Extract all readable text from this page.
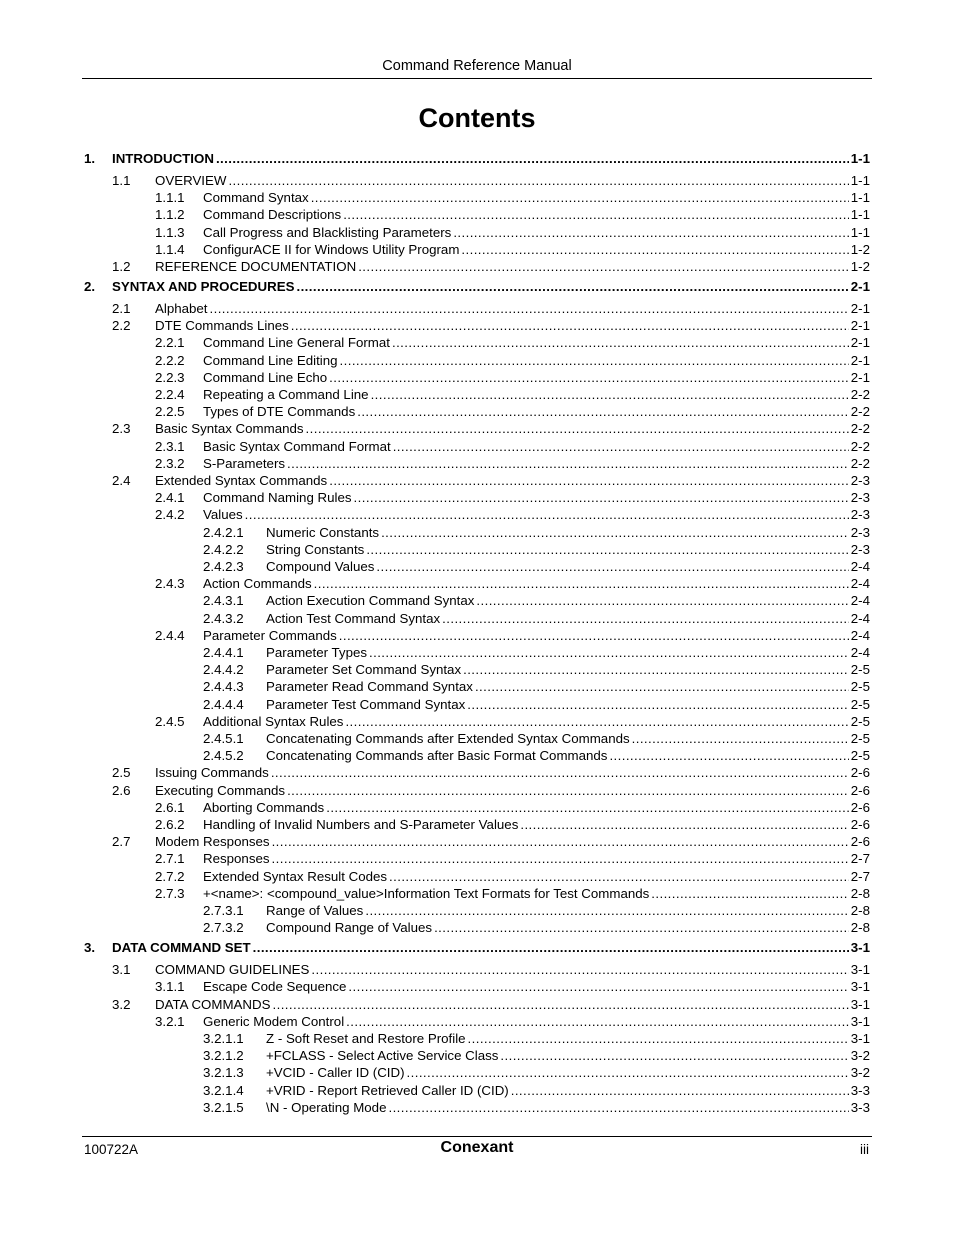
Command Reference Manual
Contents
1. INTRODUCTION .....	1-1
1.1 OVERVIEW .....	1-1
1.1.1 Command Syntax .....	1-1
1.1.2 Command Descriptions .....	1-1
1.1.3 Call Progress and Blacklisting Parameters .....	1-1
1.1.4 ConfigurACE II for Windows Utility Program .....	1-2
1.2 REFERENCE DOCUMENTATION .....	1-2
2. SYNTAX AND PROCEDURES .....	2-1
2.1 Alphabet .....	2-1
2.2 DTE Commands Lines .....	2-1
2.2.1 Command Line General Format .....	2-1
2.2.2 Command Line Editing .....	2-1
2.2.3 Command Line Echo .....	2-1
2.2.4 Repeating a Command Line .....	2-2
2.2.5 Types of DTE Commands .....	2-2
2.3 Basic Syntax Commands .....	2-2
2.3.1 Basic Syntax Command Format .....	2-2
2.3.2 S-Parameters .....	2-2
2.4 Extended Syntax Commands .....	2-3
2.4.1 Command Naming Rules .....	2-3
2.4.2 Values .....	2-3
2.4.2.1 Numeric Constants .....	2-3
2.4.2.2 String Constants .....	2-3
2.4.2.3 Compound Values .....	2-4
2.4.3 Action Commands .....	2-4
2.4.3.1 Action Execution Command Syntax .....	2-4
2.4.3.2 Action Test Command Syntax .....	2-4
2.4.4 Parameter Commands .....	2-4
2.4.4.1 Parameter Types .....	2-4
2.4.4.2 Parameter Set Command Syntax .....	2-5
2.4.4.3 Parameter Read Command Syntax .....	2-5
2.4.4.4 Parameter Test Command Syntax .....	2-5
2.4.5 Additional Syntax Rules .....	2-5
2.4.5.1 Concatenating Commands after Extended Syntax Commands .....	2-5
2.4.5.2 Concatenating Commands after Basic Format Commands .....	2-5
2.5 Issuing Commands .....	2-6
2.6 Executing Commands .....	2-6
2.6.1 Aborting Commands .....	2-6
2.6.2 Handling of Invalid Numbers and S-Parameter Values .....	2-6
2.7 Modem Responses .....	2-6
2.7.1 Responses .....	2-7
2.7.2 Extended Syntax Result Codes .....	2-7
2.7.3 +<name>: <compound_value>Information Text Formats for Test Commands .....	2-8
2.7.3.1 Range of Values .....	2-8
2.7.3.2 Compound Range of Values .....	2-8
3. DATA COMMAND SET .....	3-1
3.1 COMMAND GUIDELINES .....	3-1
3.1.1 Escape Code Sequence .....	3-1
3.2 DATA COMMANDS .....	3-1
3.2.1 Generic Modem Control .....	3-1
3.2.1.1 Z - Soft Reset and Restore Profile .....	3-1
3.2.1.2 +FCLASS - Select Active Service Class .....	3-2
3.2.1.3 +VCID - Caller ID (CID) .....	3-2
3.2.1.4 +VRID - Report Retrieved Caller ID (CID) .....	3-3
3.2.1.5 \N - Operating Mode .....	3-3
100722A	Conexant	iii
